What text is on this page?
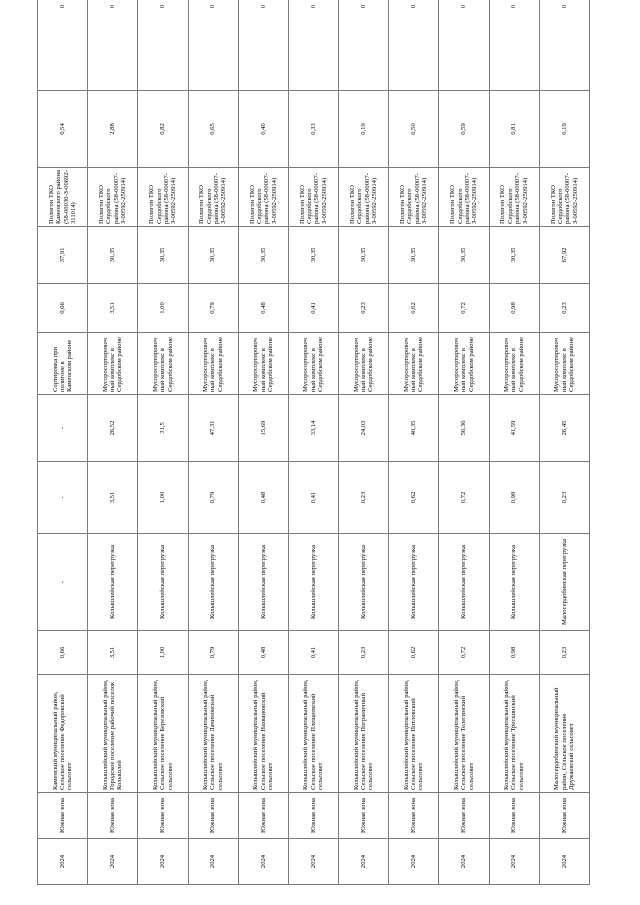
2024	Южная зона	Каменский муниципальный район, Сельское поселение Федоровский сельсовет	0,66	-	-	-	Сортировка при полигоне в Каменском районе	0,66	37,91	Полигон ТКО Каменского района (58-00030-З-00692-311014)	0,54	0
2024	Южная зона	Колышлейский муниципальный район, Городское поселение рабочий поселок Колышлей	3,51	Колышлейская перегрузка	3,51	26,52	Мусоросортировочный комплекс в Сердобском районе	3,51	30,35	Полигон ТКО Сердобского района (58-00007-З-00592-250914)	2,88	0
2024	Южная зона	Колышлейский муниципальный район, Сельское поселение Березовский сельсовет	1,00	Колышлейская перегрузка	1,00	31,5	Мусоросортировочный комплекс в Сердобском районе	1,00	30,35	Полигон ТКО Сердобского района (58-00007-З-00592-250914)	0,82	0
2024	Южная зона	Колышлейский муниципальный район, Сельское поселение Лачиновский сельсовет	0,79	Колышлейская перегрузка	0,79	47,31	Мусоросортировочный комплекс в Сердобском районе	0,79	30,35	Полигон ТКО Сердобского района (58-00007-З-00592-250914)	0,65	0
2024	Южная зона	Колышлейский муниципальный район, Сельское поселение Названовский сельсовет	0,48	Колышлейская перегрузка	0,48	15,69	Мусоросортировочный комплекс в Сердобском районе	0,48	30,35	Полигон ТКО Сердобского района (58-00007-З-00592-250914)	0,40	0
2024	Южная зона	Колышлейский муниципальный район, Сельское поселение Плещеевский сельсовет	0,41	Колышлейская перегрузка	0,41	33,14	Мусоросортировочный комплекс в Сердобском районе	0,41	30,35	Полигон ТКО Сердобского района (58-00007-З-00592-250914)	0,33	0
2024	Южная зона	Колышлейский муниципальный район, Сельское поселение Пограничный сельсовет	0,23	Колышлейская перегрузка	0,23	24,03	Мусоросортировочный комплекс в Сердобском районе	0,23	30,35	Полигон ТКО Сердобского района (58-00007-З-00592-250914)	0,19	0
2024	Южная зона	Колышлейский муниципальный район, Сельское поселение Потловский сельсовет	0,62	Колышлейская перегрузка	0,62	40,35	Мусоросортировочный комплекс в Сердобском районе	0,62	30,35	Полигон ТКО Сердобского района (58-00007-З-00592-250914)	0,50	0
2024	Южная зона	Колышлейский муниципальный район, Сельское поселение Телегинский сельсовет	0,72	Колышлейская перегрузка	0,72	56,36	Мусоросортировочный комплекс в Сердобском районе	0,72	30,35	Полигон ТКО Сердобского района (58-00007-З-00592-250914)	0,59	0
2024	Южная зона	Колышлейский муниципальный район, Сельское поселение Трескинский сельсовет	0,98	Колышлейская перегрузка	0,98	41,59	Мусоросортировочный комплекс в Сердобском районе	0,98	30,35	Полигон ТКО Сердобского района (58-00007-З-00592-250914)	0,81	0
2024	Южная зона	Малосердобинский муниципальный район, Сельское поселение Дружаевский сельсовет	0,23	Малосердобинская перегрузка	0,23	26,45	Мусоросортировочный комплекс в Сердобском районе	0,23	67,92	Полигон ТКО Сердобского района (58-00007-З-00592-250914)	0,19	0
